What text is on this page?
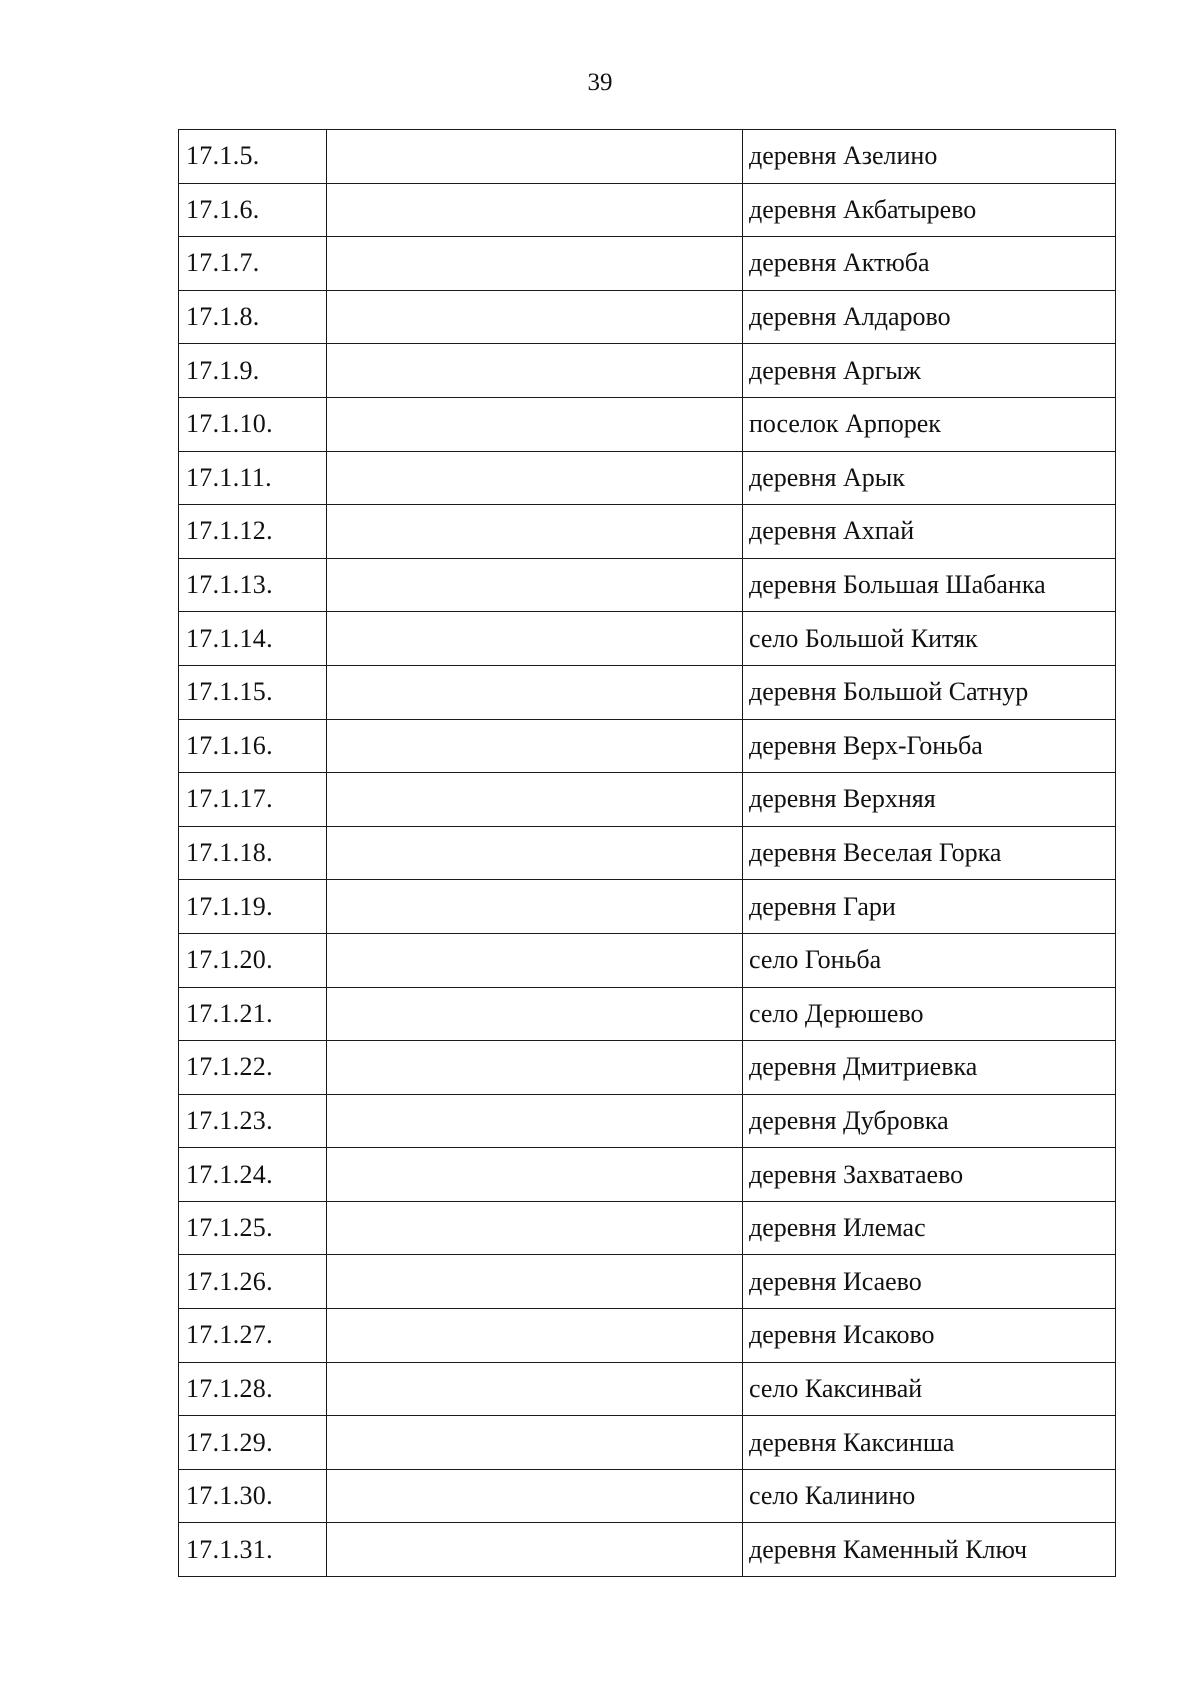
39
17.1.5.		деревня Азелино
17.1.6.		деревня Акбатырево
17.1.7.		деревня Актюба
17.1.8.		деревня Алдарово
17.1.9.		деревня Аргыж
17.1.10.		поселок Арпорек
17.1.11.		деревня Арык
17.1.12.		деревня Ахпай
17.1.13.		деревня Большая Шабанка
17.1.14.		село Большой Китяк
17.1.15.		деревня Большой Сатнур
17.1.16.		деревня Верх-Гоньба
17.1.17.		деревня Верхняя
17.1.18.		деревня Веселая Горка
17.1.19.		деревня Гари
17.1.20.		село Гоньба
17.1.21.		село Дерюшево
17.1.22.		деревня Дмитриевка
17.1.23.		деревня Дубровка
17.1.24.		деревня Захватаево
17.1.25.		деревня Илемас
17.1.26.		деревня Исаево
17.1.27.		деревня Исаково
17.1.28.		село Каксинвай
17.1.29.		деревня Каксинша
17.1.30.		село Калинино
17.1.31.		деревня Каменный Ключ
